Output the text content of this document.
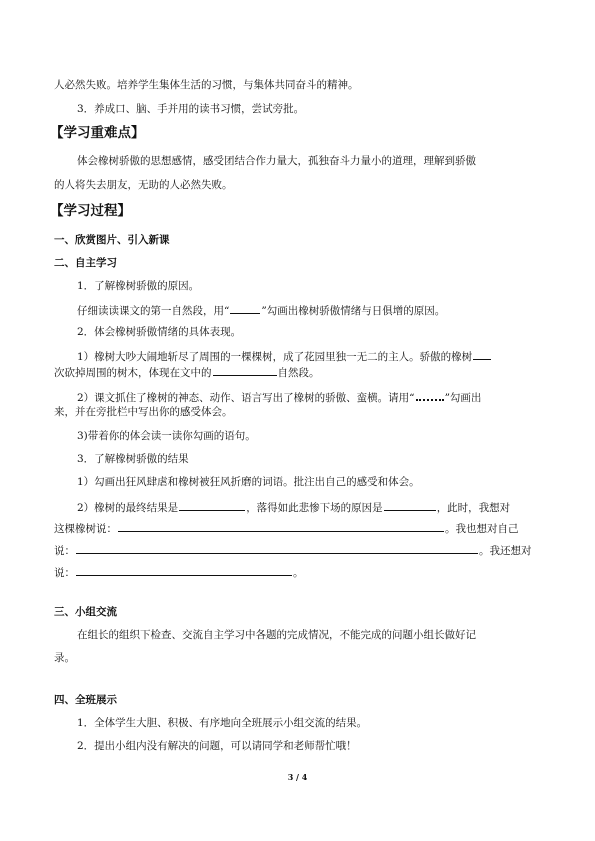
人必然失败。培养学生集体生活的习惯，与集体共同奋斗的精神。
3．养成口、脑、手并用的读书习惯，尝试旁批。
【学习重难点】
体会橡树骄傲的思想感情，感受团结合作力量大，孤独奋斗力量小的道理，理解到骄傲
的人将失去朋友，无助的人必然失败。
【学习过程】
一、欣赏图片、引入新课
二、自主学习
1．了解橡树骄傲的原因。
仔细读读课文的第一自然段，用“	”勾画出橡树骄傲情绪与日俱增的原因。
2．体会橡树骄傲情绪的具体表现。
1）橡树大吵大闹地斩尽了周围的一棵棵树，成了花园里独一无二的主人。骄傲的橡树
次砍掉周围的树木，体现在文中的	自然段。
2）课文抓住了橡树的神态、动作、语言写出了橡树的骄傲、蛮横。请用“	”勾画出
来，并在旁批栏中写出你的感受体会。
3)带着你的体会读一读你勾画的语句。
3．了解橡树骄傲的结果
1）勾画出狂风肆虐和橡树被狂风折磨的词语。批注出自己的感受和体会。
2）橡树的最终结果是	，落得如此悲惨下场的原因是	，此时，我想对
这棵橡树说：	。我也想对自己
说：	。我还想对
说：	。
三、小组交流
在组长的组织下检查、交流自主学习中各题的完成情况，不能完成的问题小组长做好记
录。
四、全班展示
1．全体学生大胆、积极、有序地向全班展示小组交流的结果。
2．提出小组内没有解决的问题，可以请同学和老师帮忙哦！
3 / 4
